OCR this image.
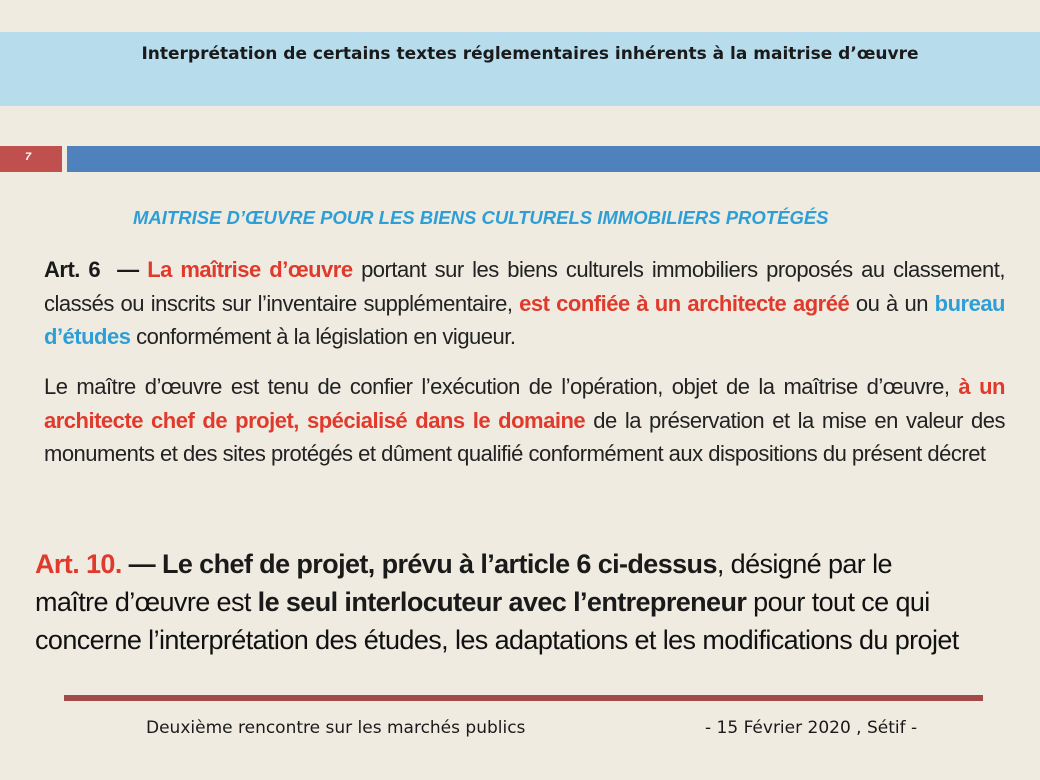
Interprétation de certains textes réglementaires inhérents à la maitrise d’œuvre
7
MAITRISE D’ŒUVRE POUR LES BIENS CULTURELS IMMOBILIERS PROTÉGÉS
Art. 6 — La maîtrise d’œuvre portant sur les biens culturels immobiliers proposés au classement, classés ou inscrits sur l’inventaire supplémentaire, est confiée à un architecte agréé ou à un bureau d’études conformément à la législation en vigueur.
Le maître d’œuvre est tenu de confier l’exécution de l’opération, objet de la maîtrise d’œuvre, à un architecte chef de projet, spécialisé dans le domaine de la préservation et la mise en valeur des monuments et des sites protégés et dûment qualifié conformément aux dispositions du présent décret
Art. 10. — Le chef de projet, prévu à l’article 6 ci-dessus, désigné par le
maître d’œuvre est le seul interlocuteur avec l’entrepreneur pour tout ce qui
concerne l’interprétation des études, les adaptations et les modifications du projet
Deuxième rencontre sur les marchés publics	- 15 Février 2020 , Sétif -
